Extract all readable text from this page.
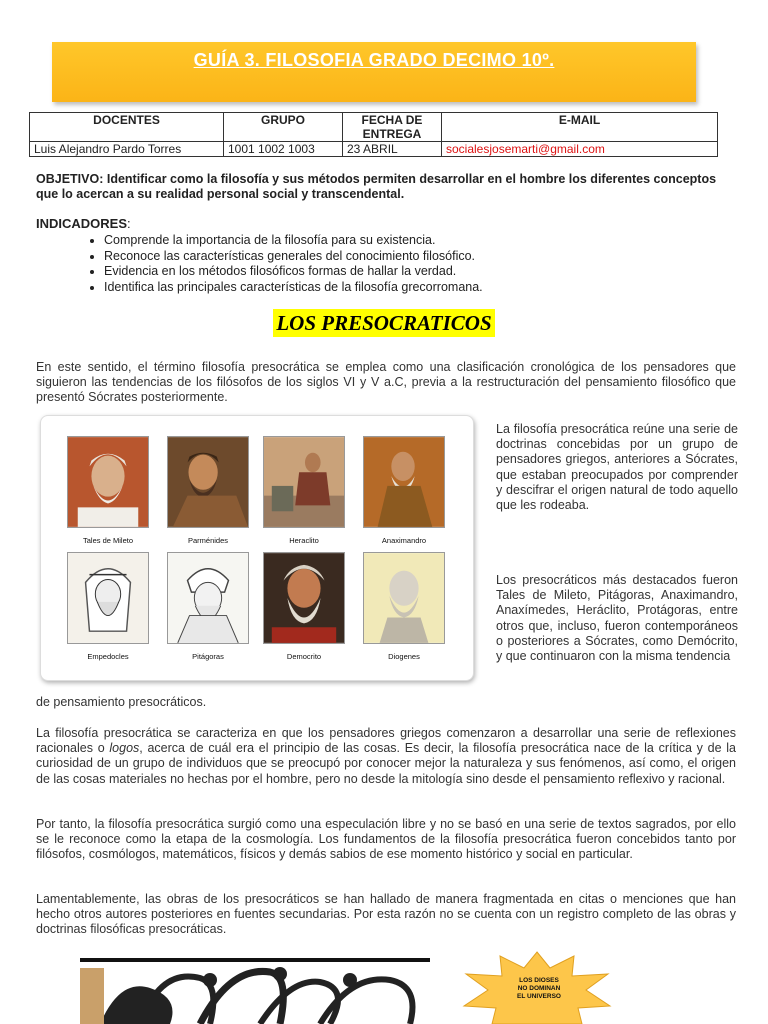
GUÍA 3. FILOSOFIA GRADO DECIMO 10º.
DOCENTES	GRUPO	FECHA DE ENTREGA	E-MAIL
Luis Alejandro Pardo Torres	1001 1002 1003	23 ABRIL	socialesjosemarti@gmail.com
OBJETIVO: Identificar como la filosofía y sus métodos permiten desarrollar en el hombre los diferentes conceptos que lo acercan a su realidad personal social y transcendental.
INDICADORES:
• Comprende la importancia de la filosofía para su existencia.
• Reconoce las características generales del conocimiento filosófico.
• Evidencia en los métodos filosóficos formas de hallar la verdad.
• Identifica las principales características de la filosofía grecorromana.
LOS PRESOCRATICOS
En este sentido, el término filosofía presocrática se emplea como una clasificación cronológica de los pensadores que siguieron las tendencias de los filósofos de los siglos VI y V a.C, previa a la restructuración del pensamiento filosófico que presentó Sócrates posteriormente.
Tales de Mileto	Parménides	Heraclito	Anaximandro
Empedocles	Pitágoras	Democrito	Diogenes
La filosofía presocrática reúne una serie de doctrinas concebidas por un grupo de pensadores griegos, anteriores a Sócrates, que estaban preocupados por comprender y descifrar el origen natural de todo aquello que les rodeaba.
Los presocráticos más destacados fueron Tales de Mileto, Pitágoras, Anaximandro, Anaxímedes, Heráclito, Protágoras, entre otros que, incluso, fueron contemporáneos o posteriores a Sócrates, como Demócrito, y que continuaron con la misma tendencia
de pensamiento presocráticos.
La filosofía presocrática se caracteriza en que los pensadores griegos comenzaron a desarrollar una serie de reflexiones racionales o logos, acerca de cuál era el principio de las cosas. Es decir, la filosofía presocrática nace de la crítica y de la curiosidad de un grupo de individuos que se preocupó por conocer mejor la naturaleza y sus fenómenos, así como, el origen de las cosas materiales no hechas por el hombre, pero no desde la mitología sino desde el pensamiento reflexivo y racional.
Por tanto, la filosofía presocrática surgió como una especulación libre y no se basó en una serie de textos sagrados, por ello se le reconoce como la etapa de la cosmología. Los fundamentos de la filosofía presocrática fueron concebidos tanto por filósofos, cosmólogos, matemáticos, físicos y demás sabios de ese momento histórico y social en particular.
Lamentablemente, las obras de los presocráticos se han hallado de manera fragmentada en citas o menciones que han hecho otros autores posteriores en fuentes secundarias. Por esta razón no se cuenta con un registro completo de las obras y doctrinas filosóficas presocráticas.
LOS DIOSES NO DOMINAN EL UNIVERSO
